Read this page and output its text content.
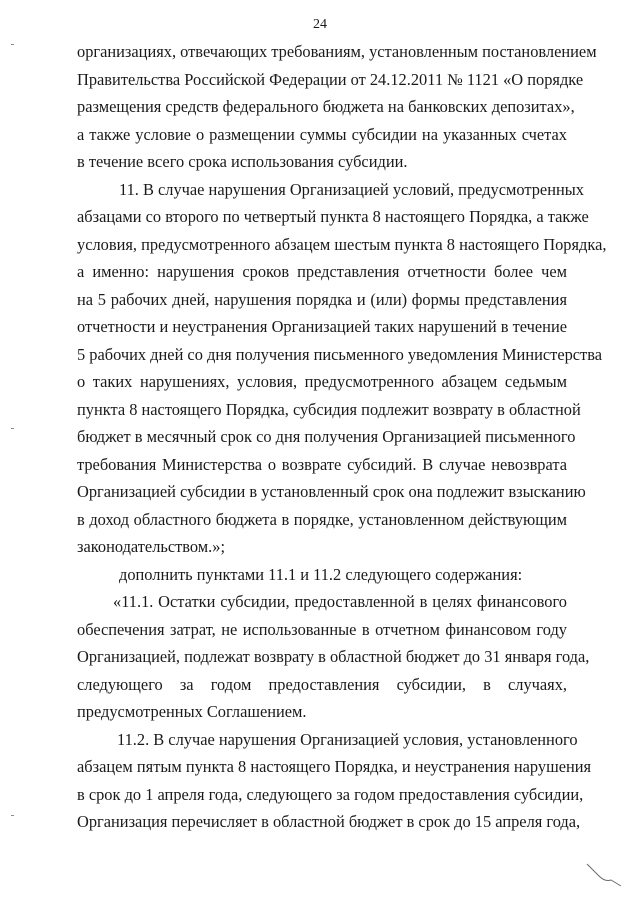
24
организациях, отвечающих требованиям, установленным постановлением
Правительства Российской Федерации от 24.12.2011 № 1121 «О порядке
размещения средств федерального бюджета на банковских депозитах»,
а также условие о размещении суммы субсидии на указанных счетах
в течение всего срока использования субсидии.
11. В случае нарушения Организацией условий, предусмотренных
абзацами со второго по четвертый пункта 8 настоящего Порядка, а также
условия, предусмотренного абзацем шестым пункта 8 настоящего Порядка,
а именно: нарушения сроков представления отчетности более чем
на 5 рабочих дней, нарушения порядка и (или) формы представления
отчетности и неустранения Организацией таких нарушений в течение
5 рабочих дней со дня получения письменного уведомления Министерства
о таких нарушениях, условия, предусмотренного абзацем седьмым
пункта 8 настоящего Порядка, субсидия подлежит возврату в областной
бюджет в месячный срок со дня получения Организацией письменного
требования Министерства о возврате субсидий. В случае невозврата
Организацией субсидии в установленный срок она подлежит взысканию
в доход областного бюджета в порядке, установленном действующим
законодательством.»;
дополнить пунктами 11.1 и 11.2 следующего содержания:
«11.1. Остатки субсидии, предоставленной в целях финансового
обеспечения затрат, не использованные в отчетном финансовом году
Организацией, подлежат возврату в областной бюджет до 31 января года,
следующего за годом предоставления субсидии, в случаях,
предусмотренных Соглашением.
11.2. В случае нарушения Организацией условия, установленного
абзацем пятым пункта 8 настоящего Порядка, и неустранения нарушения
в срок до 1 апреля года, следующего за годом предоставления субсидии,
Организация перечисляет в областной бюджет в срок до 15 апреля года,
